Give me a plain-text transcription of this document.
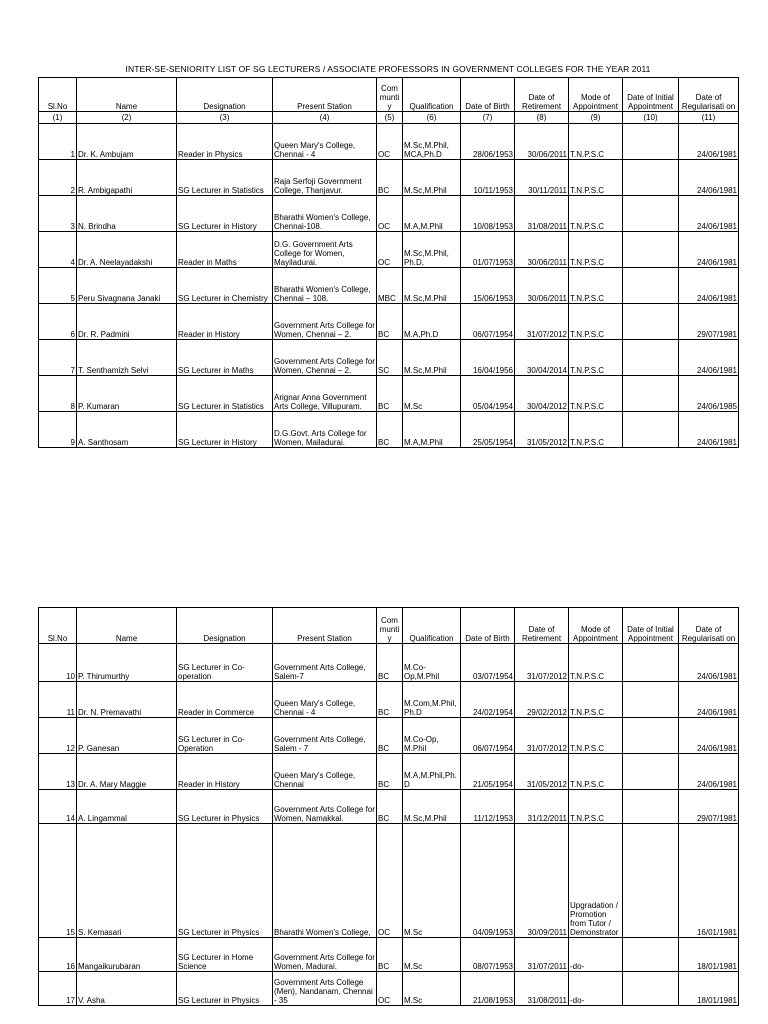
INTER-SE-SENIORITY LIST OF SG LECTURERS / ASSOCIATE PROFESSORS IN GOVERNMENT COLLEGES FOR THE YEAR 2011
Sl.No	Name	Designation	Present Station	Com munti y	Qualification	Date of Birth	Date of Retirement	Mode of Appointment	Date of Initial Appointment	Date of Regularisati on
(1)	(2)	(3)	(4)	(5)	(6)	(7)	(8)	(9)	(10)	(11)
1	Dr. K. Ambujam	Reader in Physics	Queen Mary's College, Chennai - 4	OC	M.Sc,M.Phil, MCA,Ph.D	28/06/1953	30/06/2011	T.N.P.S.C		24/06/1981
2	R. Ambigapathi	SG Lecturer in Statistics	Raja Serfoji Government College, Thanjavur.	BC	M.Sc,M.Phil	10/11/1953	30/11/2011	T.N.P.S.C		24/06/1981
3	N. Brindha	SG Lecturer in History	Bharathi Women's College, Chennai-108.	OC	M.A,M.Phil	10/08/1953	31/08/2011	T.N.P.S.C		24/06/1981
4	Dr. A. Neelayadakshi	Reader in Maths	D.G. Government Arts College for Women, Mayiladurai.	OC	M.Sc,M.Phil, Ph.D,	01/07/1953	30/06/2011	T.N.P.S.C		24/06/1981
5	Peru Sivagnana Janaki	SG Lecturer in Chemistry	Bharathi Women's College, Chennai – 108.	MBC	M.Sc,M.Phil	15/06/1953	30/06/2011	T.N.P.S.C		24/06/1981
6	Dr. R. Padmini	Reader in History	Government Arts College for Women, Chennai – 2.	BC	M.A,Ph.D	06/07/1954	31/07/2012	T.N.P.S.C		29/07/1981
7	T. Senthamizh Selvi	SG Lecturer in Maths	Government Arts College for Women, Chennai – 2.	SC	M.Sc,M.Phil	16/04/1956	30/04/2014	T.N.P.S.C		24/06/1981
8	P. Kumaran	SG Lecturer in Statistics	Arignar Anna Government Arts College, Villupuram.	BC	M.Sc	05/04/1954	30/04/2012	T.N.P.S.C		24/06/1985
9	A. Santhosam	SG Lecturer in History	D.G.Govt. Arts College for Women, Mailadurai.	BC	M.A,M.Phil	25/05/1954	31/05/2012	T.N.P.S.C		24/06/1981
Sl.No	Name	Designation	Present Station	Com munti y	Qualification	Date of Birth	Date of Retirement	Mode of Appointment	Date of Initial Appointment	Date of Regularisati on
10	P. Thirumurthy	SG Lecturer in Co-operation	Government Arts College, Salem-7	BC	M.Co-Op,M.Phil	03/07/1954	31/07/2012	T.N.P.S.C		24/06/1981
11	Dr. N. Premavathi	Reader in Commerce	Queen Mary's College, Chennai - 4	BC	M.Com,M.Phil,Ph.D	24/02/1954	29/02/2012	T.N.P.S.C		24/06/1981
12	P. Ganesan	SG Lecturer in Co-Operation	Government Arts College, Salem - 7	BC	M.Co-Op, M.Phil	06/07/1954	31/07/2012	T.N.P.S.C		24/06/1981
13	Dr. A. Mary Maggie	Reader in History	Queen Mary's College, Chennai	BC	M.A,M.Phil,Ph.D	21/05/1954	31/05/2012	T.N.P.S.C		24/06/1981
14	A. Lingammal	SG Lecturer in Physics	Government Arts College for Women, Namakkal.	BC	M.Sc,M.Phil	11/12/1953	31/12/2011	T.N.P.S.C		29/07/1981
15	S. Kemasari	SG Lecturer in Physics	Bharathi Women's College,	OC	M.Sc	04/09/1953	30/09/2011	Upgradation / Promotion from Tutor / Demonstrator		16/01/1981
16	Mangaikurubaran	SG Lecturer in Home Science	Government Arts College for Women, Madurai.	BC	M.Sc	08/07/1953	31/07/2011	-do-		18/01/1981
17	V. Asha	SG Lecturer in Physics	Government Arts College (Men), Nandanam, Chennai - 35	OC	M.Sc	21/08/1953	31/08/2011	-do-		18/01/1981
